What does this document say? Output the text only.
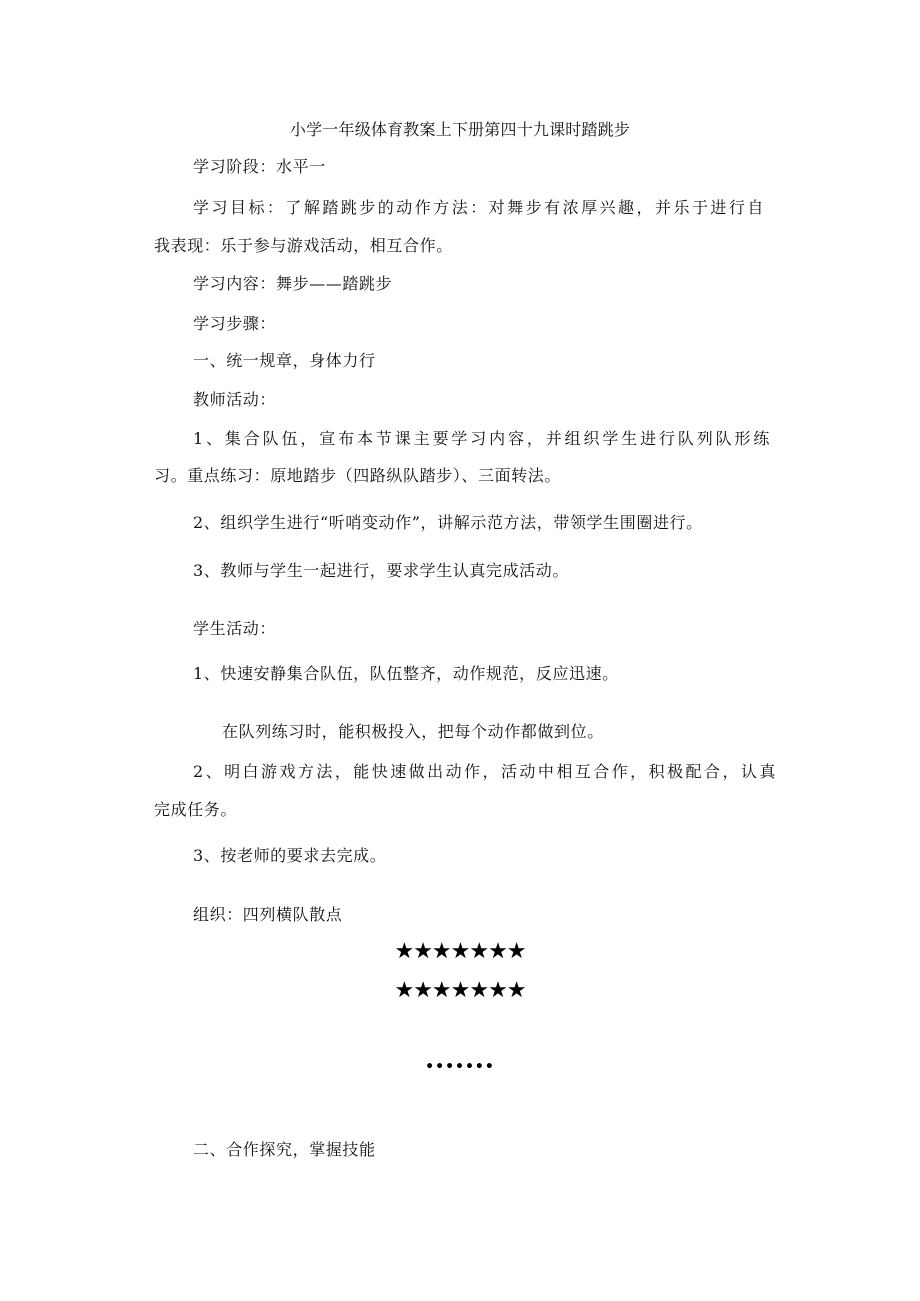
小学一年级体育教案上下册第四十九课时踏跳步
学习阶段：水平一
学习目标：了解踏跳步的动作方法：对舞步有浓厚兴趣，并乐于进行自
我表现：乐于参与游戏活动，相互合作。
学习内容：舞步——踏跳步
学习步骤：
一、统一规章，身体力行
教师活动：
1、集合队伍，宣布本节课主要学习内容，并组织学生进行队列队形练
习。重点练习：原地踏步（四路纵队踏步）、三面转法。
2、组织学生进行“听哨变动作”，讲解示范方法，带领学生围圈进行。
3、教师与学生一起进行，要求学生认真完成活动。
学生活动：
1、快速安静集合队伍，队伍整齐，动作规范，反应迅速。
在队列练习时，能积极投入，把每个动作都做到位。
2、明白游戏方法，能快速做出动作，活动中相互合作，积极配合，认真
完成任务。
3、按老师的要求去完成。
组织：四列横队散点
★★★★★★★
★★★★★★★
•••••••
二、合作探究，掌握技能
